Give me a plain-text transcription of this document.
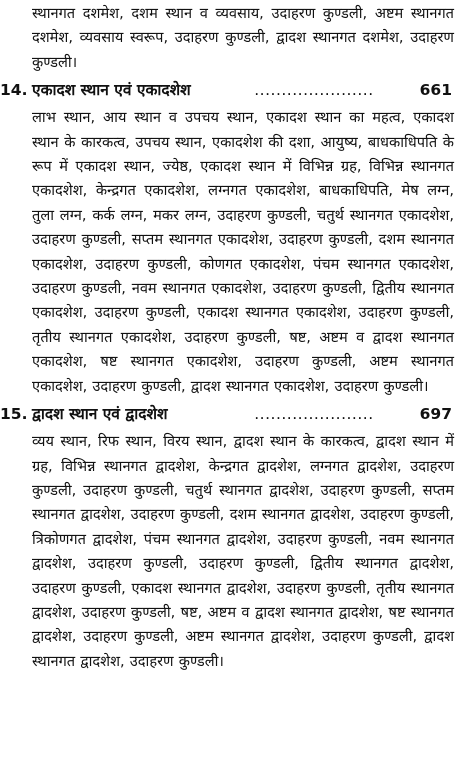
स्थानगत दशमेश, दशम स्थान व व्यवसाय, उदाहरण कुण्डली, अष्टम स्थानगत दशमेश, व्यवसाय स्वरूप, उदाहरण कुण्डली, द्वादश स्थानगत दशमेश, उदाहरण कुण्डली।

14. एकादश स्थान एवं एकादशेश	......................	661

लाभ स्थान, आय स्थान व उपचय स्थान, एकादश स्थान का महत्व, एकादश स्थान के कारकत्व, उपचय स्थान, एकादशेश की दशा, आयुष्य, बाधकाधिपति के रूप में एकादश स्थान, ज्येष्ठ, एकादश स्थान में विभिन्न ग्रह, विभिन्न स्थानगत एकादशेश, केन्द्रगत एकादशेश, लग्नगत एकादशेश, बाधकाधिपति, मेष लग्न, तुला लग्न, कर्क लग्न, मकर लग्न, उदाहरण कुण्डली, चतुर्थ स्थानगत एकादशेश, उदाहरण कुण्डली, सप्तम स्थानगत एकादशेश, उदाहरण कुण्डली, दशम स्थानगत एकादशेश, उदाहरण कुण्डली, कोणगत एकादशेश, पंचम स्थानगत एकादशेश, उदाहरण कुण्डली, नवम स्थानगत एकादशेश, उदाहरण कुण्डली, द्वितीय स्थानगत एकादशेश, उदाहरण कुण्डली, एकादश स्थानगत एकादशेश, उदाहरण कुण्डली, तृतीय स्थानगत एकादशेश, उदाहरण कुण्डली, षष्ट, अष्टम व द्वादश स्थानगत एकादशेश, षष्ट स्थानगत एकादशेश, उदाहरण कुण्डली, अष्टम स्थानगत एकादशेश, उदाहरण कुण्डली, द्वादश स्थानगत एकादशेश, उदाहरण कुण्डली।

15. द्वादश स्थान एवं द्वादशेश	......................	697

व्यय स्थान, रिफ स्थान, विरय स्थान, द्वादश स्थान के कारकत्व, द्वादश स्थान में ग्रह, विभिन्न स्थानगत द्वादशेश, केन्द्रगत द्वादशेश, लग्नगत द्वादशेश, उदाहरण कुण्डली, उदाहरण कुण्डली, चतुर्थ स्थानगत द्वादशेश, उदाहरण कुण्डली, सप्तम स्थानगत द्वादशेश, उदाहरण कुण्डली, दशम स्थानगत द्वादशेश, उदाहरण कुण्डली, त्रिकोणगत द्वादशेश, पंचम स्थानगत द्वादशेश, उदाहरण कुण्डली, नवम स्थानगत द्वादशेश, उदाहरण कुण्डली, उदाहरण कुण्डली, द्वितीय स्थानगत द्वादशेश, उदाहरण कुण्डली, एकादश स्थानगत द्वादशेश, उदाहरण कुण्डली, तृतीय स्थानगत द्वादशेश, उदाहरण कुण्डली, षष्ट, अष्टम व द्वादश स्थानगत द्वादशेश, षष्ट स्थानगत द्वादशेश, उदाहरण कुण्डली, अष्टम स्थानगत द्वादशेश, उदाहरण कुण्डली, द्वादश स्थानगत द्वादशेश, उदाहरण कुण्डली।
